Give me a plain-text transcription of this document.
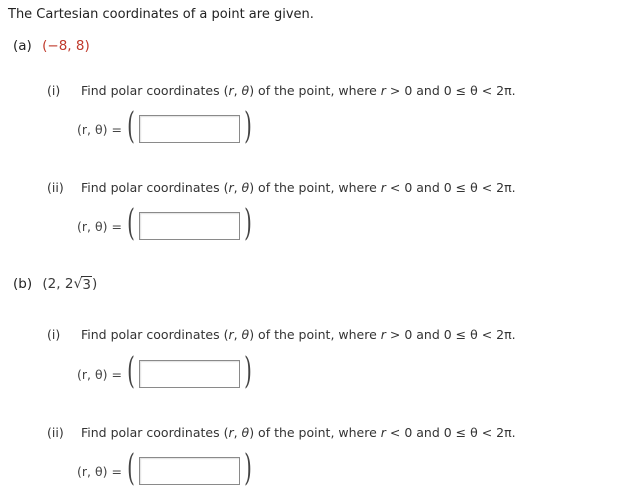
The Cartesian coordinates of a point are given.
(a) (−8, 8)
(i) Find polar coordinates (r, θ) of the point, where r > 0 and 0 ≤ θ < 2π.
(r, θ) = (	)
(ii) Find polar coordinates (r, θ) of the point, where r < 0 and 0 ≤ θ < 2π.
(r, θ) = (	)
(b) (2, 2 √ 3 )
(i) Find polar coordinates (r, θ) of the point, where r > 0 and 0 ≤ θ < 2π.
(r, θ) = (	)
(ii) Find polar coordinates (r, θ) of the point, where r < 0 and 0 ≤ θ < 2π.
(r, θ) = (	)
